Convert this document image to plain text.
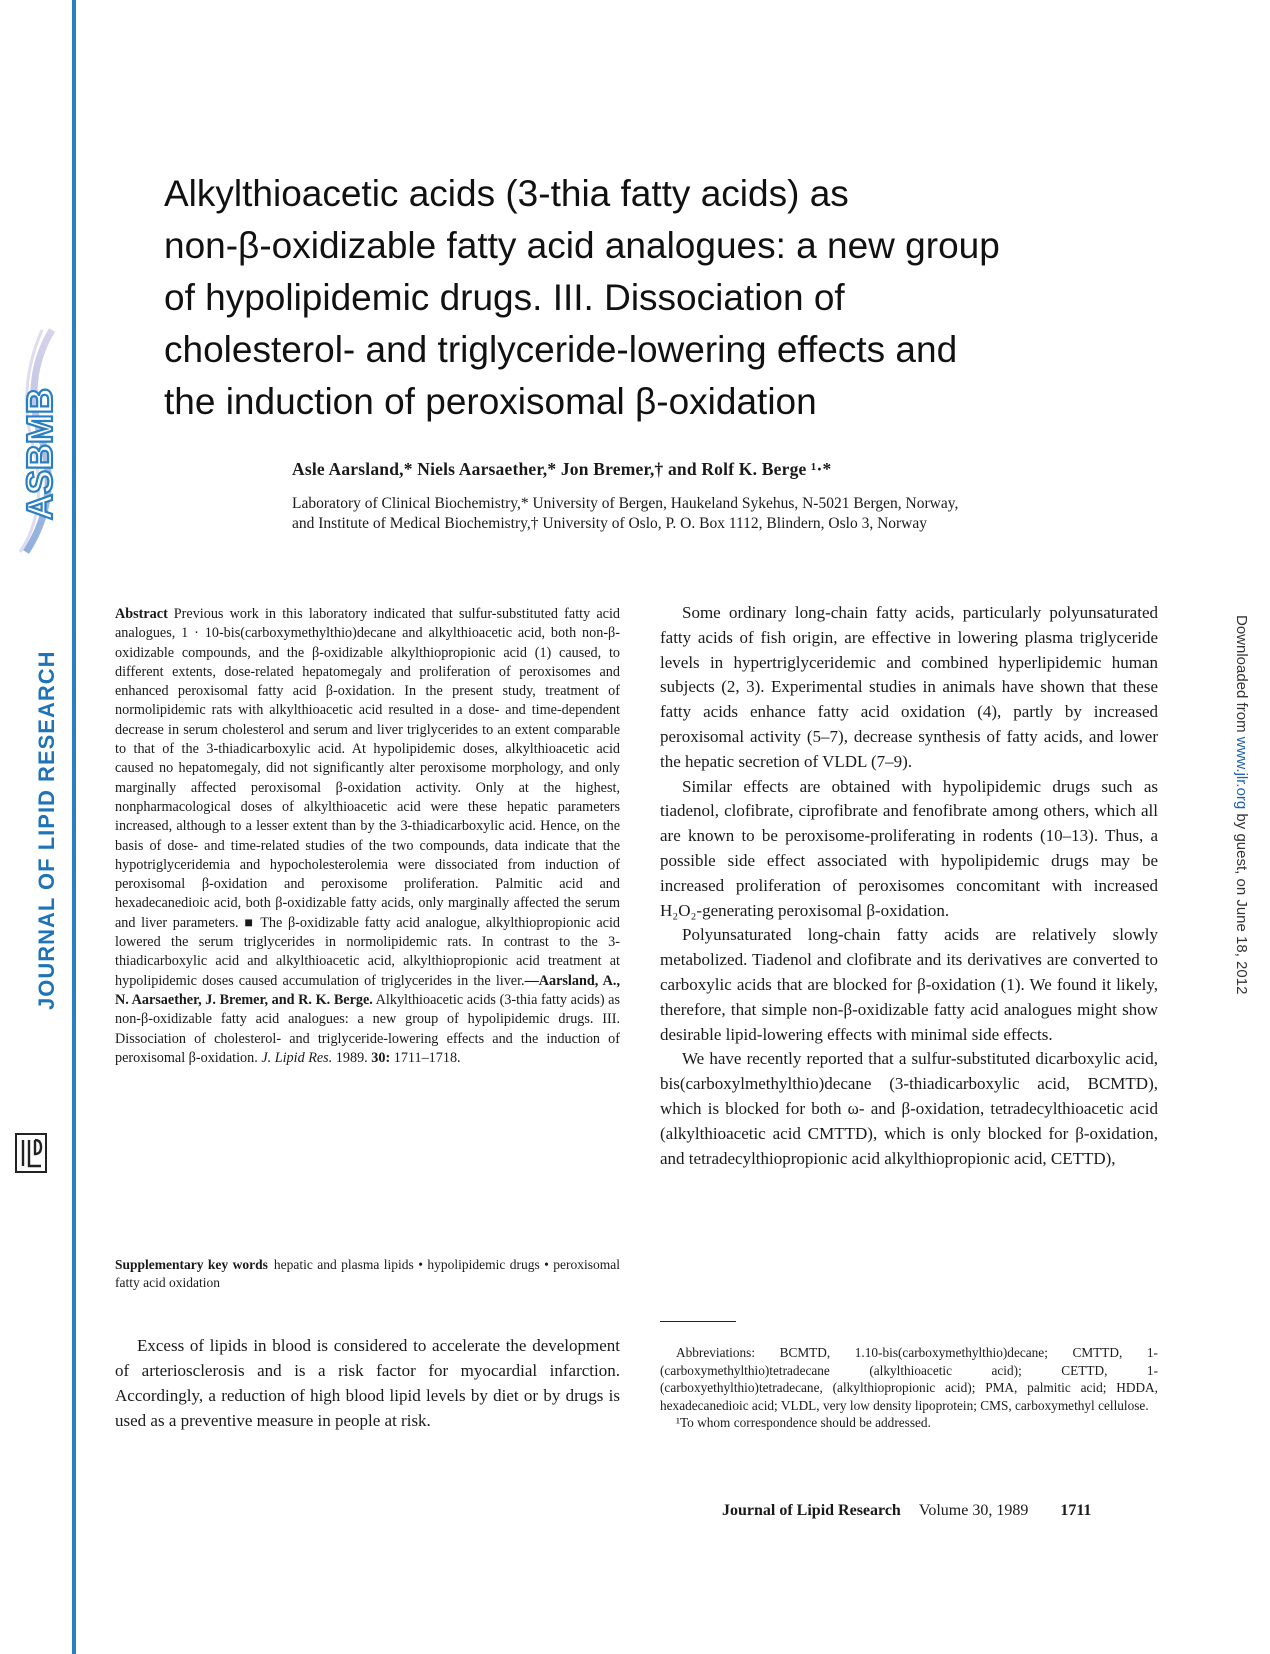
ASBMB
JOURNAL OF LIPID RESEARCH
JLR
Downloaded from www.jlr.org by guest, on June 18, 2012
Alkylthioacetic acids (3-thia fatty acids) as
non-β-oxidizable fatty acid analogues: a new group
of hypolipidemic drugs. III. Dissociation of
cholesterol- and triglyceride-lowering effects and
the induction of peroxisomal β-oxidation
Asle Aarsland,* Niels Aarsaether,* Jon Bremer,† and Rolf K. Berge ¹·*
Laboratory of Clinical Biochemistry,* University of Bergen, Haukeland Sykehus, N-5021 Bergen, Norway,
and Institute of Medical Biochemistry,† University of Oslo, P. O. Box 1112, Blindern, Oslo 3, Norway

Abstract Previous work in this laboratory indicated that sulfur-substituted fatty acid analogues, 1 · 10-bis(carboxymethylthio)decane and alkylthioacetic acid, both non-β-oxidizable compounds, and the β-oxidizable alkylthiopropionic acid (1) caused, to different extents, dose-related hepatomegaly and proliferation of peroxisomes and enhanced peroxisomal fatty acid β-oxidation. In the present study, treatment of normolipidemic rats with alkylthioacetic acid resulted in a dose- and time-dependent decrease in serum cholesterol and serum and liver triglycerides to an extent comparable to that of the 3-thiadicarboxylic acid. At hypolipidemic doses, alkylthioacetic acid caused no hepatomegaly, did not significantly alter peroxisome morphology, and only marginally affected peroxisomal β-oxidation activity. Only at the highest, nonpharmacological doses of alkylthioacetic acid were these hepatic parameters increased, although to a lesser extent than by the 3-thiadicarboxylic acid. Hence, on the basis of dose- and time-related studies of the two compounds, data indicate that the hypotriglyceridemia and hypocholesterolemia were dissociated from induction of peroxisomal β-oxidation and peroxisome proliferation. Palmitic acid and hexadecanedioic acid, both β-oxidizable fatty acids, only marginally affected the serum and liver parameters. ■ The β-oxidizable fatty acid analogue, alkylthiopropionic acid lowered the serum triglycerides in normolipidemic rats. In contrast to the 3-thiadicarboxylic acid and alkylthioacetic acid, alkylthiopropionic acid treatment at hypolipidemic doses caused accumulation of triglycerides in the liver.—Aarsland, A., N. Aarsaether, J. Bremer, and R. K. Berge. Alkylthioacetic acids (3-thia fatty acids) as non-β-oxidizable fatty acid analogues: a new group of hypolipidemic drugs. III. Dissociation of cholesterol- and triglyceride-lowering effects and the induction of peroxisomal β-oxidation. J. Lipid Res. 1989. 30: 1711–1718.

Supplementary key words hepatic and plasma lipids • hypolipidemic drugs • peroxisomal fatty acid oxidation

Excess of lipids in blood is considered to accelerate the development of arteriosclerosis and is a risk factor for myocardial infarction. Accordingly, a reduction of high blood lipid levels by diet or by drugs is used as a preventive measure in people at risk.

Some ordinary long-chain fatty acids, particularly polyunsaturated fatty acids of fish origin, are effective in lowering plasma triglyceride levels in hypertriglyceridemic and combined hyperlipidemic human subjects (2, 3). Experimental studies in animals have shown that these fatty acids enhance fatty acid oxidation (4), partly by increased peroxisomal activity (5–7), decrease synthesis of fatty acids, and lower the hepatic secretion of VLDL (7–9).

Similar effects are obtained with hypolipidemic drugs such as tiadenol, clofibrate, ciprofibrate and fenofibrate among others, which all are known to be peroxisome-proliferating in rodents (10–13). Thus, a possible side effect associated with hypolipidemic drugs may be increased proliferation of peroxisomes concomitant with increased H₂O₂-generating peroxisomal β-oxidation.

Polyunsaturated long-chain fatty acids are relatively slowly metabolized. Tiadenol and clofibrate and its derivatives are converted to carboxylic acids that are blocked for β-oxidation (1). We found it likely, therefore, that simple non-β-oxidizable fatty acid analogues might show desirable lipid-lowering effects with minimal side effects.

We have recently reported that a sulfur-substituted dicarboxylic acid, bis(carboxylmethylthio)decane (3-thiadicarboxylic acid, BCMTD), which is blocked for both ω- and β-oxidation, tetradecylthioacetic acid (alkylthioacetic acid CMTTD), which is only blocked for β-oxidation, and tetradecylthiopropionic acid alkylthiopropionic acid, CETTD),

Abbreviations: BCMTD, 1.10-bis(carboxymethylthio)decane; CMTTD, 1-(carboxymethylthio)tetradecane (alkylthioacetic acid); CETTD, 1-(carboxyethylthio)tetradecane, (alkylthiopropionic acid); PMA, palmitic acid; HDDA, hexadecanedioic acid; VLDL, very low density lipoprotein; CMS, carboxymethyl cellulose.

¹To whom correspondence should be addressed.

Journal of Lipid Research Volume 30, 1989 1711
